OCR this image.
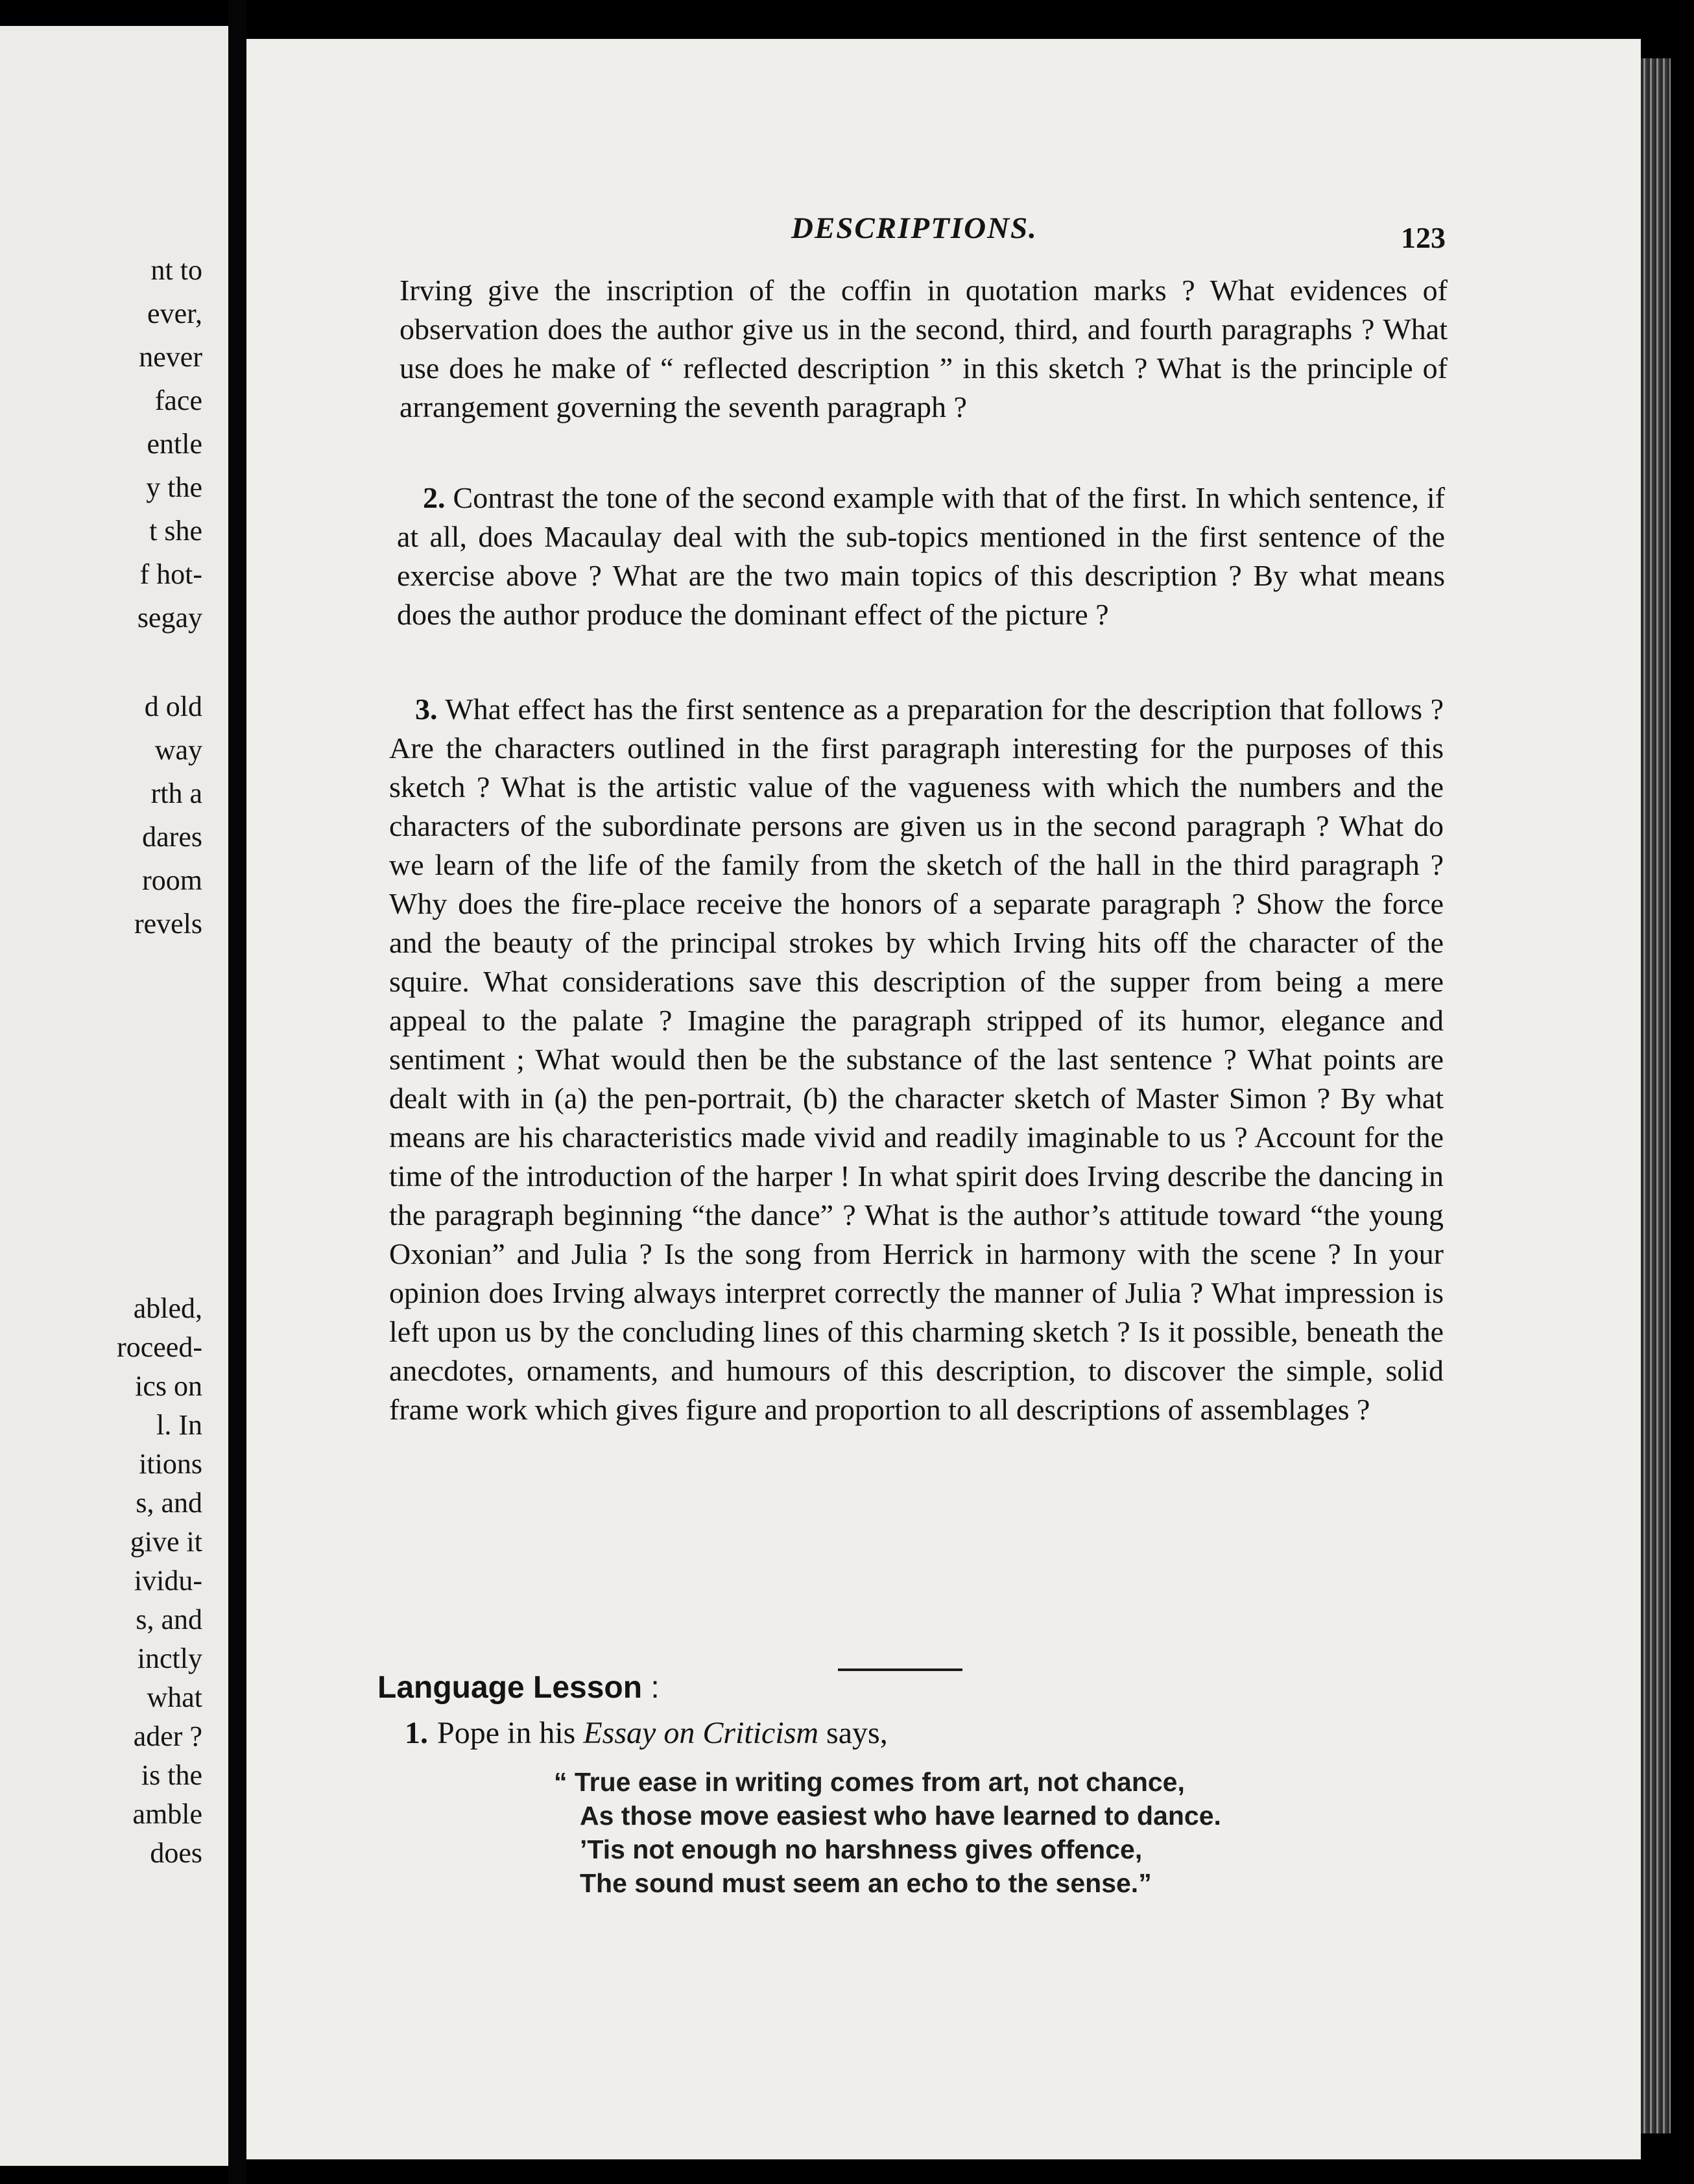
nt to
ever,
never
face
entle
y the
t she
f hot-
segay

d old
way
rth a
dares
room
revels

abled,
roceed-
ics on
l. In
itions
s, and
give it
ividu-
s, and
inctly
what
ader ?
is the
amble
does

DESCRIPTIONS.	123

Irving give the inscription of the coffin in quotation marks ? What evidences of observation does the author give us in the second, third, and fourth paragraphs ? What use does he make of “ reflected description ” in this sketch ? What is the principle of arrangement governing the seventh paragraph ?

2. Contrast the tone of the second example with that of the first. In which sentence, if at all, does Macaulay deal with the sub-topics mentioned in the first sentence of the exercise above ? What are the two main topics of this description ? By what means does the author produce the dominant effect of the picture ?

3. What effect has the first sentence as a preparation for the description that follows ? Are the characters outlined in the first paragraph interesting for the purposes of this sketch ? What is the artistic value of the vagueness with which the numbers and the characters of the subordinate persons are given us in the second paragraph ? What do we learn of the life of the family from the sketch of the hall in the third paragraph ? Why does the fire-place receive the honors of a separate paragraph ? Show the force and the beauty of the principal strokes by which Irving hits off the character of the squire. What considerations save this description of the supper from being a mere appeal to the palate ? Imagine the paragraph stripped of its humor, elegance and sentiment ; What would then be the substance of the last sentence ? What points are dealt with in (a) the pen-portrait, (b) the character sketch of Master Simon ? By what means are his characteristics made vivid and readily imaginable to us ? Account for the time of the introduction of the harper ! In what spirit does Irving describe the dancing in the paragraph beginning “the dance” ? What is the author’s attitude toward “the young Oxonian” and Julia ? Is the song from Herrick in harmony with the scene ? In your opinion does Irving always interpret correctly the manner of Julia ? What impression is left upon us by the concluding lines of this charming sketch ? Is it possible, beneath the anecdotes, ornaments, and humours of this description, to discover the simple, solid frame work which gives figure and proportion to all descriptions of assemblages ?

Language Lesson :

1. Pope in his Essay on Criticism says,

“ True ease in writing comes from art, not chance,
As those move easiest who have learned to dance.
’Tis not enough no harshness gives offence,
The sound must seem an echo to the sense.”
